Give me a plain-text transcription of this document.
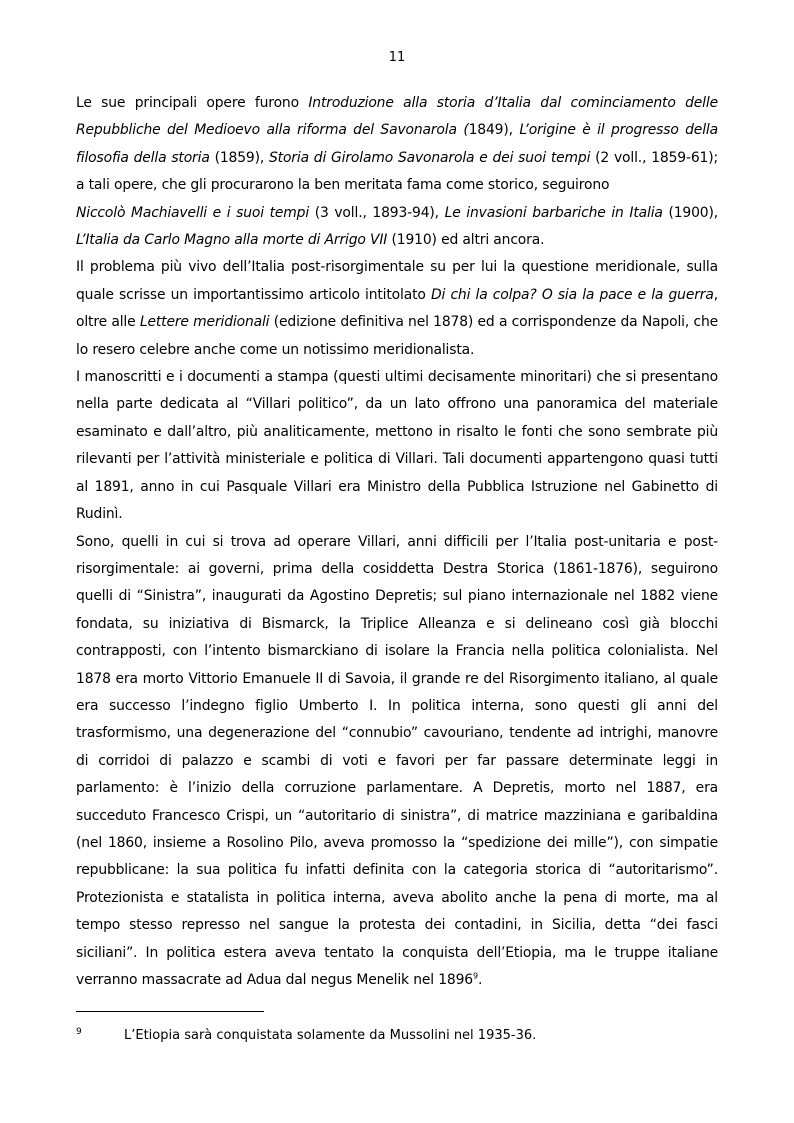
11

Le sue principali opere furono Introduzione alla storia d’Italia dal cominciamento delle Repubbliche del Medioevo alla riforma del Savonarola (1849), L’origine è il progresso della filosofia della storia (1859), Storia di Girolamo Savonarola e dei suoi tempi (2 voll., 1859-61); a tali opere, che gli procurarono la ben meritata fama come storico, seguirono
Niccolò Machiavelli e i suoi tempi (3 voll., 1893-94), Le invasioni barbariche in Italia (1900), L’Italia da Carlo Magno alla morte di Arrigo VII (1910) ed altri ancora.

Il problema più vivo dell’Italia post-risorgimentale su per lui la questione meridionale, sulla quale scrisse un importantissimo articolo intitolato Di chi la colpa? O sia la pace e la guerra, oltre alle Lettere meridionali (edizione definitiva nel 1878) ed a corrispondenze da Napoli, che lo resero celebre anche come un notissimo meridionalista.

I manoscritti e i documenti a stampa (questi ultimi decisamente minoritari) che si presentano nella parte dedicata al “Villari politico”, da un lato offrono una panoramica del materiale esaminato e dall’altro, più analiticamente, mettono in risalto le fonti che sono sembrate più rilevanti per l’attività ministeriale e politica di Villari. Tali documenti appartengono quasi tutti al 1891, anno in cui Pasquale Villari era Ministro della Pubblica Istruzione nel Gabinetto di Rudinì.

Sono, quelli in cui si trova ad operare Villari, anni difficili per l’Italia post-unitaria e post-risorgimentale: ai governi, prima della cosiddetta Destra Storica (1861-1876), seguirono quelli di “Sinistra”, inaugurati da Agostino Depretis; sul piano internazionale nel 1882 viene fondata, su iniziativa di Bismarck, la Triplice Alleanza e si delineano così già blocchi contrapposti, con l’intento bismarckiano di isolare la Francia nella politica colonialista. Nel 1878 era morto Vittorio Emanuele II di Savoia, il grande re del Risorgimento italiano, al quale era successo l’indegno figlio Umberto I. In politica interna, sono questi gli anni del trasformismo, una degenerazione del “connubio” cavouriano, tendente ad intrighi, manovre di corridoi di palazzo e scambi di voti e favori per far passare determinate leggi in parlamento: è l’inizio della corruzione parlamentare. A Depretis, morto nel 1887, era succeduto Francesco Crispi, un “autoritario di sinistra”, di matrice mazziniana e garibaldina (nel 1860, insieme a Rosolino Pilo, aveva promosso la “spedizione dei mille”), con simpatie repubblicane: la sua politica fu infatti definita con la categoria storica di “autoritarismo”. Protezionista e statalista in politica interna, aveva abolito anche la pena di morte, ma al tempo stesso represso nel sangue la protesta dei contadini, in Sicilia, detta “dei fasci siciliani”. In politica estera aveva tentato la conquista dell’Etiopia, ma le truppe italiane verranno massacrate ad Adua dal negus Menelik nel 1896$^9$.

9	L’Etiopia sarà conquistata solamente da Mussolini nel 1935-36.
